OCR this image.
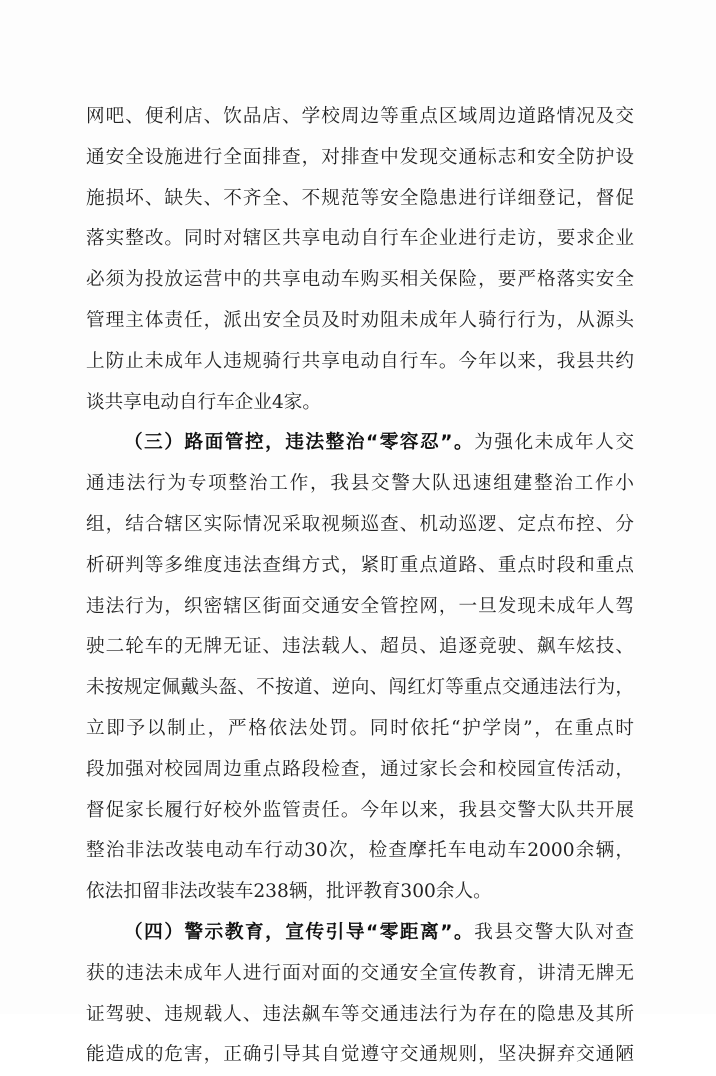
网吧、便利店、饮品店、学校周边等重点区域周边道路情况及交
通安全设施进行全面排查，对排查中发现交通标志和安全防护设
施损坏、缺失、不齐全、不规范等安全隐患进行详细登记，督促
落实整改。同时对辖区共享电动自行车企业进行走访，要求企业
必须为投放运营中的共享电动车购买相关保险，要严格落实安全
管理主体责任，派出安全员及时劝阻未成年人骑行行为，从源头
上防止未成年人违规骑行共享电动自行车。今年以来，我县共约
谈共享电动自行车企业4家。
（三）路面管控，违法整治“零容忍”。为强化未成年人交
通违法行为专项整治工作，我县交警大队迅速组建整治工作小
组，结合辖区实际情况采取视频巡查、机动巡逻、定点布控、分
析研判等多维度违法查缉方式，紧盯重点道路、重点时段和重点
违法行为，织密辖区街面交通安全管控网，一旦发现未成年人驾
驶二轮车的无牌无证、违法载人、超员、追逐竞驶、飙车炫技、
未按规定佩戴头盔、不按道、逆向、闯红灯等重点交通违法行为，
立即予以制止，严格依法处罚。同时依托“护学岗”，在重点时
段加强对校园周边重点路段检查，通过家长会和校园宣传活动，
督促家长履行好校外监管责任。今年以来，我县交警大队共开展
整治非法改装电动车行动30次，检查摩托车电动车2000余辆，
依法扣留非法改装车238辆，批评教育300余人。
（四）警示教育，宣传引导“零距离”。我县交警大队对查
获的违法未成年人进行面对面的交通安全宣传教育，讲清无牌无
证驾驶、违规载人、违法飙车等交通违法行为存在的隐患及其所
能造成的危害，正确引导其自觉遵守交通规则，坚决摒弃交通陋
